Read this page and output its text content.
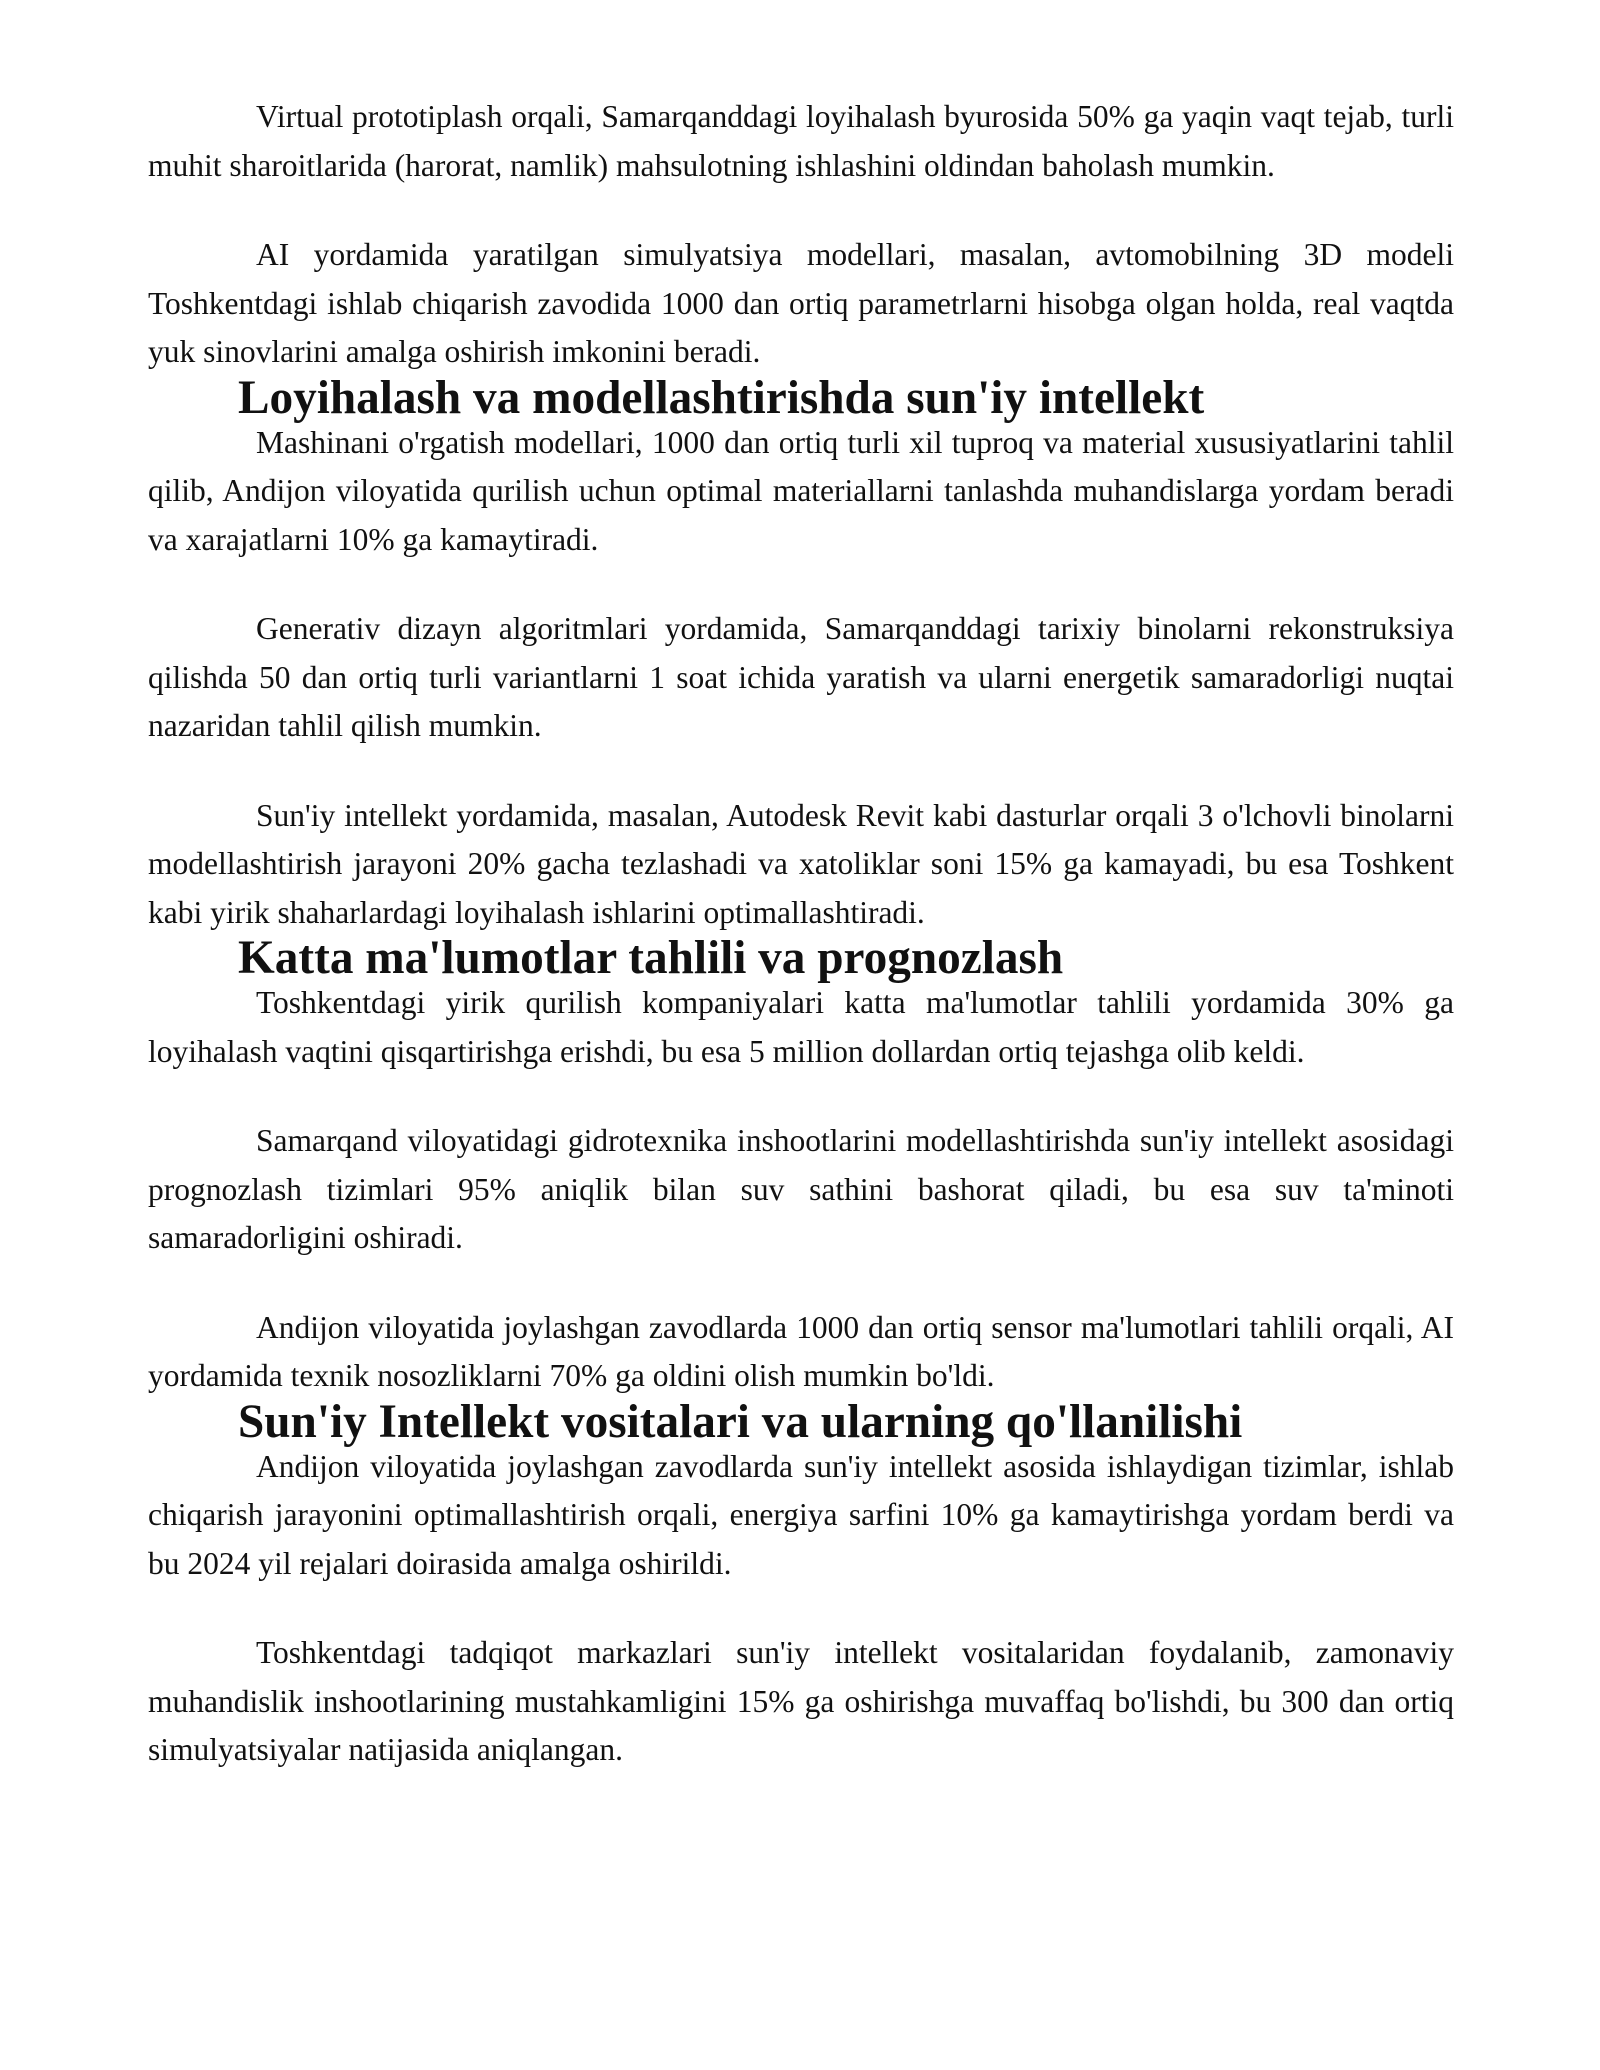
Virtual prototiplash orqali, Samarqanddagi loyihalash byurosida 50% ga yaqin vaqt tejab, turli muhit sharoitlarida (harorat, namlik) mahsulotning ishlashini oldindan baholash mumkin.

AI yordamida yaratilgan simulyatsiya modellari, masalan, avtomobilning 3D modeli Toshkentdagi ishlab chiqarish zavodida 1000 dan ortiq parametrlarni hisobga olgan holda, real vaqtda yuk sinovlarini amalga oshirish imkonini beradi.

Loyihalash va modellashtirishda sun'iy intellekt

Mashinani o'rgatish modellari, 1000 dan ortiq turli xil tuproq va material xususiyatlarini tahlil qilib, Andijon viloyatida qurilish uchun optimal materiallarni tanlashda muhandislarga yordam beradi va xarajatlarni 10% ga kamaytiradi.

Generativ dizayn algoritmlari yordamida, Samarqanddagi tarixiy binolarni rekonstruksiya qilishda 50 dan ortiq turli variantlarni 1 soat ichida yaratish va ularni energetik samaradorligi nuqtai nazaridan tahlil qilish mumkin.

Sun'iy intellekt yordamida, masalan, Autodesk Revit kabi dasturlar orqali 3 o'lchovli binolarni modellashtirish jarayoni 20% gacha tezlashadi va xatoliklar soni 15% ga kamayadi, bu esa Toshkent kabi yirik shaharlardagi loyihalash ishlarini optimallashtiradi.

Katta ma'lumotlar tahlili va prognozlash

Toshkentdagi yirik qurilish kompaniyalari katta ma'lumotlar tahlili yordamida 30% ga loyihalash vaqtini qisqartirishga erishdi, bu esa 5 million dollardan ortiq tejashga olib keldi.

Samarqand viloyatidagi gidrotexnika inshootlarini modellashtirishda sun'iy intellekt asosidagi prognozlash tizimlari 95% aniqlik bilan suv sathini bashorat qiladi, bu esa suv ta'minoti samaradorligini oshiradi.

Andijon viloyatida joylashgan zavodlarda 1000 dan ortiq sensor ma'lumotlari tahlili orqali, AI yordamida texnik nosozliklarni 70% ga oldini olish mumkin bo'ldi.

Sun'iy Intellekt vositalari va ularning qo'llanilishi

Andijon viloyatida joylashgan zavodlarda sun'iy intellekt asosida ishlaydigan tizimlar, ishlab chiqarish jarayonini optimallashtirish orqali, energiya sarfini 10% ga kamaytirishga yordam berdi va bu 2024 yil rejalari doirasida amalga oshirildi.

Toshkentdagi tadqiqot markazlari sun'iy intellekt vositalaridan foydalanib, zamonaviy muhandislik inshootlarining mustahkamligini 15% ga oshirishga muvaffaq bo'lishdi, bu 300 dan ortiq simulyatsiyalar natijasida aniqlangan.
